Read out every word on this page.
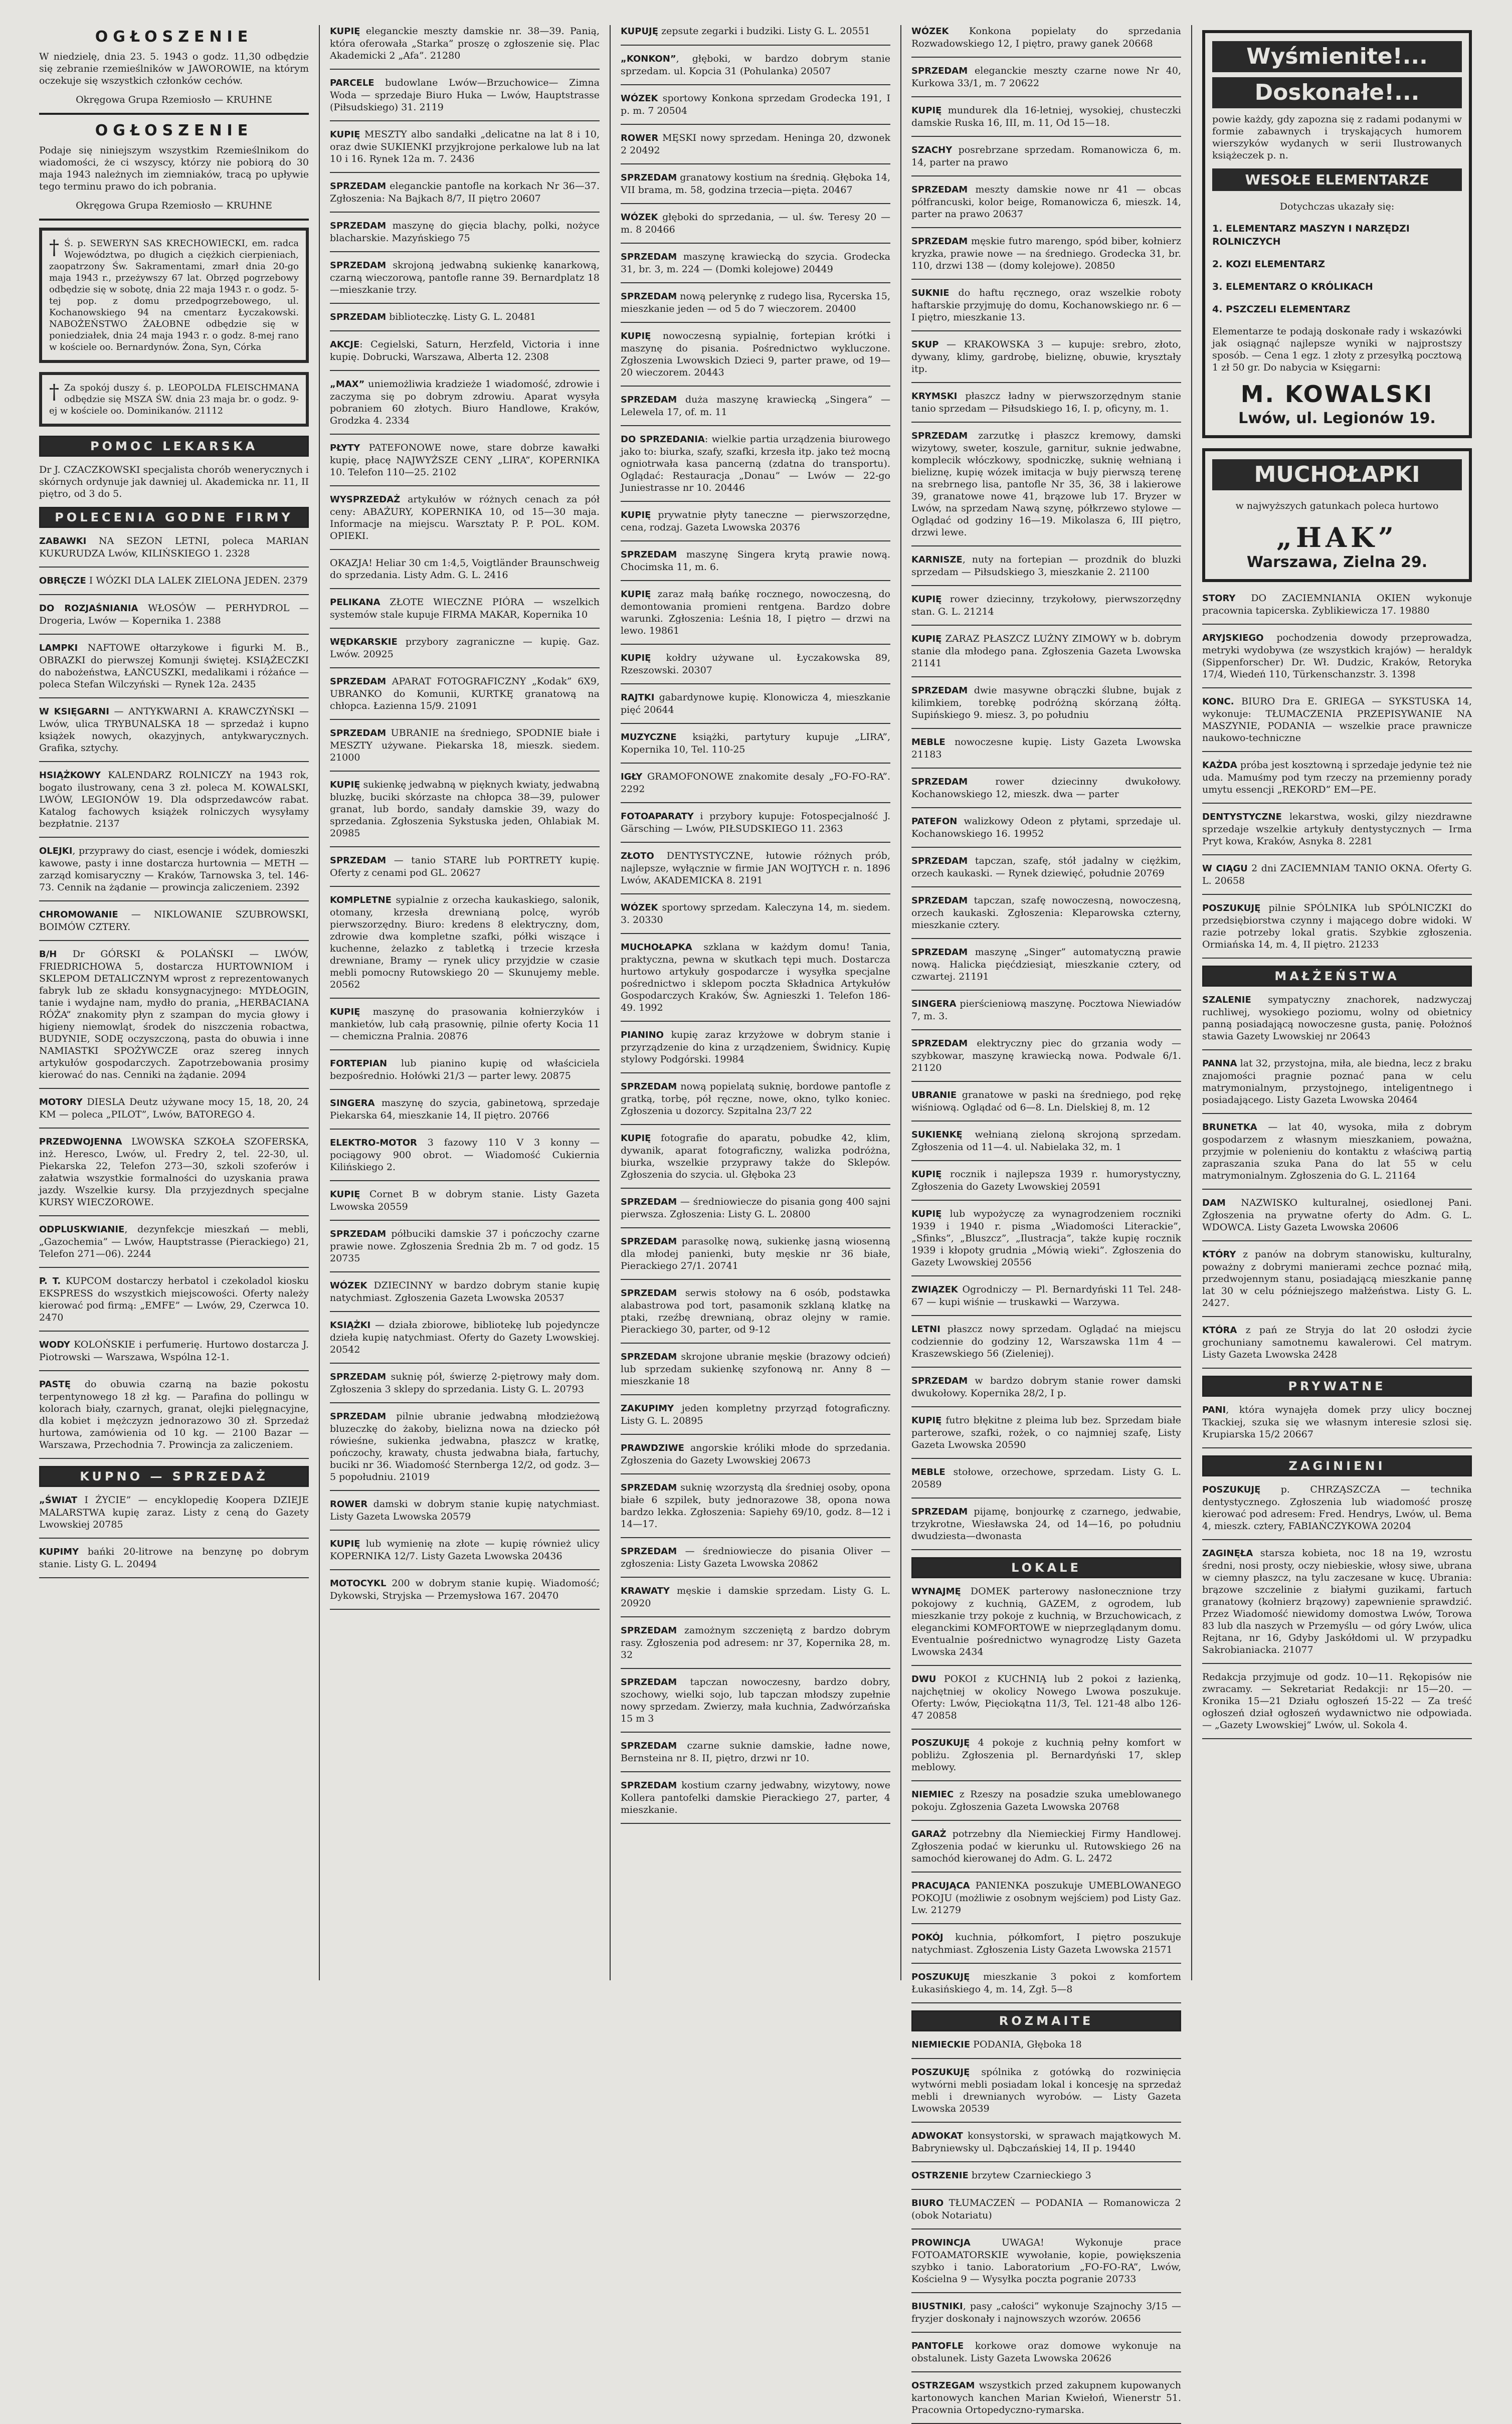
OGŁOSZENIE

W niedzielę, dnia 23. 5. 1943 o godz. 11,30 odbędzie się zebranie rzemieślników w JAWOROWIE, na którym oczekuje się wszystkich członków cechów.

Okręgowa Grupa Rzemiosło — KRUHNE

OGŁOSZENIE

Podaje się niniejszym wszystkim Rzemieślnikom do wiadomości, że ci wszyscy, którzy nie pobiorą do 30 maja 1943 należnych im ziemniaków, tracą po upływie tego terminu prawo do ich pobrania.

Okręgowa Grupa Rzemiosło — KRUHNE

† Ś. p. SEWERYN SAS KRECHOWIECKI, em. radca Województwa, po długich a ciężkich cierpieniach, zaopatrzony Św. Sakramentami, zmarł dnia 20-go maja 1943 r., przeżywszy 67 lat. Obrzęd pogrzebowy odbędzie się w sobotę, dnia 22 maja 1943 r. o godz. 5-tej pop. z domu przedpogrzebowego, ul. Kochanowskiego 94 na cmentarz Łyczakowski. NABOŻEŃSTWO ŻAŁOBNE odbędzie się w poniedziałek, dnia 24 maja 1943 r. o godz. 8-mej rano w kościele oo. Bernardynów. Żona, Syn, Córka
† Za spokój duszy ś. p. LEOPOLDA FLEISCHMANA odbędzie się MSZA ŚW. dnia 23 maja br. o godz. 9-ej w kościele oo. Dominikanów. 21112
POMOC LEKARSKA

Dr J. CZACZKOWSKI specjalista chorób wenerycznych i skórnych ordynuje jak dawniej ul. Akademicka nr. 11, II piętro, od 3 do 5.

POLECENIA GODNE FIRMY

ZABAWKI NA SEZON LETNI, poleca MARIAN KUKURUDZA Lwów, KILIŃSKIEGO 1. 2328

OBRĘCZE I WÓZKI DLA LALEK ZIELONA JEDEN. 2379

DO ROZJAŚNIANIA WŁOSÓW — PERHYDROL — Drogeria, Lwów — Kopernika 1. 2388

LAMPKI NAFTOWE ołtarzykowe i figurki M. B., OBRAZKI do pierwszej Komunji świętej. KSIĄŻECZKI do nabożeństwa, ŁAŃCUSZKI, medalikami i różańce — poleca Stefan Wilczyński — Rynek 12a. 2435

W KSIĘGARNI — ANTYKWARNI A. KRAWCZYŃSKI — Lwów, ulica TRYBUNALSKA 18 — sprzedaż i kupno książek nowych, okazyjnych, antykwarycznych. Grafika, sztychy.

HSIĄŻKOWY KALENDARZ ROLNICZY na 1943 rok, bogato ilustrowany, cena 3 zł. poleca M. KOWALSKI, LWÓW, LEGIONÓW 19. Dla odsprzedawców rabat. Katalog fachowych książek rolniczych wysyłamy bezpłatnie. 2137

OLEJKI, przyprawy do ciast, esencje i wódek, domieszki kawowe, pasty i inne dostarcza hurtownia — METH — zarząd komisaryczny — Kraków, Tarnowska 3, tel. 146-73. Cennik na żądanie — prowincja zaliczeniem. 2392

CHROMOWANIE — NIKLOWANIE SZUBROWSKI, BOIMÓW CZTERY.

B/H Dr GÓRSKI & POLAŃSKI — LWÓW, FRIEDRICHOWA 5, dostarcza HURTOWNIOM i SKLEPOM DETALICZNYM wprost z reprezentowanych fabryk lub ze składu konsygnacyjnego: MYDŁOGIN, tanie i wydajne nam, mydło do prania, „HERBACIANA RÓŻA” znakomity płyn z szampan do mycia głowy i higieny niemowląt, środek do niszczenia robactwa, BUDYNIE, SODĘ oczyszczoną, pasta do obuwia i inne NAMIASTKI SPOŻYWCZE oraz szereg innych artykułów gospodarczych. Zapotrzebowania prosimy kierować do nas. Cenniki na żądanie. 2094

MOTORY DIESLA Deutz używane mocy 15, 18, 20, 24 KM — poleca „PILOT”, Lwów, BATOREGO 4.

PRZEDWOJENNA LWOWSKA SZKOŁA SZOFERSKA, inż. Heresco, Lwów, ul. Fredry 2, tel. 22-30, ul. Piekarska 22, Telefon 273—30, szkoli szoferów i załatwia wszystkie formalności do uzyskania prawa jazdy. Wszelkie kursy. Dla przyjezdnych specjalne KURSY WIECZOROWE.

ODPLUSKWIANIE, dezynfekcje mieszkań — mebli, „Gazochemia” — Lwów, Hauptstrasse (Pierackiego) 21, Telefon 271—06). 2244

P. T. KUPCOM dostarczy herbatol i czekoladol kiosku EKSPRESS do wszystkich miejscowości. Oferty należy kierować pod firmą: „EMFE” — Lwów, 29, Czerwca 10. 2470

WODY KOLOŃSKIE i perfumerię. Hurtowo dostarcza J. Piotrowski — Warszawa, Wspólna 12-1.

PASTĘ do obuwia czarną na bazie pokostu terpentynowego 18 zł kg. — Parafina do pollingu w kolorach biały, czarnych, granat, olejki pielęgnacyjne, dla kobiet i mężczyzn jednorazowo 30 zł. Sprzedaż hurtowa, zamówienia od 10 kg. — 2100 Bazar — Warszawa, Przechodnia 7. Prowincja za zaliczeniem.

KUPNO — SPRZEDAŻ

„ŚWIAT I ŻYCIE” — encyklopedię Koopera DZIEJE MALARSTWA kupię zaraz. Listy z ceną do Gazety Lwowskiej 20785

KUPIMY bańki 20-litrowe na benzynę po dobrym stanie. Listy G. L. 20494

KUPIĘ eleganckie meszty damskie nr. 38—39. Panią, która oferowała „Starka” proszę o zgłoszenie się. Plac Akademicki 2 „Afa”. 21280

PARCELE budowlane Lwów—Brzuchowice— Zimna Woda — sprzedaje Biuro Huka — Lwów, Hauptstrasse (Piłsudskiego) 31. 2119

KUPIĘ MESZTY albo sandałki „delicatne na lat 8 i 10, oraz dwie SUKIENKI przyjkrojone perkalowe lub na lat 10 i 16. Rynek 12a m. 7. 2436

SPRZEDAM eleganckie pantofle na korkach Nr 36—37. Zgłoszenia: Na Bajkach 8/7, II piętro 20607

SPRZEDAM maszynę do gięcia blachy, polki, nożyce blacharskie. Mazyńskiego 75

SPRZEDAM skrojoną jedwabną sukienkę kanarkową, czarną wieczorową, pantofle ranne 39. Bernardplatz 18 —mieszkanie trzy.

SPRZEDAM biblioteczkę. Listy G. L. 20481

AKCJE: Cegielski, Saturn, Herzfeld, Victoria i inne kupię. Dobrucki, Warszawa, Alberta 12. 2308

„MAX” uniemożliwia kradzieże 1 wiadomość, zdrowie i zaczyma się po dobrym zdrowiu. Aparat wysyła pobraniem 60 złotych. Biuro Handlowe, Kraków, Grodzka 4. 2334

PŁYTY PATEFONOWE nowe, stare dobrze kawałki kupię, płacę NAJWYŻSZE CENY „LIRA”, KOPERNIKA 10. Telefon 110—25. 2102

WYSPRZEDAŻ artykułów w różnych cenach za pół ceny: ABAŻURY, KOPERNIKA 10, od 15—30 maja. Informacje na miejscu. Warsztaty P. P. POL. KOM. OPIEKI.

OKAZJA! Heliar 30 cm 1:4,5, Voigtländer Braunschweig do sprzedania. Listy Adm. G. L. 2416

PELIKANA ZŁOTE WIECZNE PIÓRA — wszelkich systemów stale kupuje FIRMA MAKAR, Kopernika 10

WĘDKARSKIE przybory zagraniczne — kupię. Gaz. Lwów. 20925

SPRZEDAM APARAT FOTOGRAFICZNY „Kodak” 6X9, UBRANKO do Komunii, KURTKĘ granatową na chłopca. Łazienna 15/9. 21091

SPRZEDAM UBRANIE na średniego, SPODNIE białe i MESZTY używane. Piekarska 18, mieszk. siedem. 21000

KUPIĘ sukienkę jedwabną w pięknych kwiaty, jedwabną bluzkę, buciki skórzaste na chłopca 38—39, pulower granat, lub bordo, sandały damskie 39, wazy do sprzedania. Zgłoszenia Sykstuska jeden, Ohlabiak M. 20985

SPRZEDAM — tanio STARE lub PORTRETY kupię. Oferty z cenami pod GL. 20627

KOMPLETNE sypialnie z orzecha kaukaskiego, salonik, otomany, krzesła drewnianą polcę, wyrób pierwszorzędny. Biuro: kredens 8 elektryczny, dom, zdrowie dwa kompletne szafki, półki wiszące i kuchenne, żelazko z tabletką i trzecie krzesła drewniane, Bramy — rynek ulicy przyjdzie w czasie mebli pomocny Rutowskiego 20 — Skunujemy meble. 20562

KUPIĘ maszynę do prasowania kołnierzyków i mankietów, lub całą prasownię, pilnie oferty Kocia 11 — chemiczna Pralnia. 20876

FORTEPIAN lub pianino kupię od właściciela bezpośrednio. Hołówki 21/3 — parter lewy. 20875

SINGERA maszynę do szycia, gabinetową, sprzedaje Piekarska 64, mieszkanie 14, II piętro. 20766

ELEKTRO-MOTOR 3 fazowy 110 V 3 konny — pociągowy 900 obrot. — Wiadomość Cukiernia Kilińskiego 2.

KUPIĘ Cornet B w dobrym stanie. Listy Gazeta Lwowska 20559

SPRZEDAM półbuciki damskie 37 i pończochy czarne prawie nowe. Zgłoszenia Średnia 2b m. 7 od godz. 15 20735

WÓZEK DZIECINNY w bardzo dobrym stanie kupię natychmiast. Zgłoszenia Gazeta Lwowska 20537

KSIĄŻKI — działa zbiorowe, bibliotekę lub pojedyncze dzieła kupię natychmiast. Oferty do Gazety Lwowskiej. 20542

SPRZEDAM suknię pół, świerzę 2-piętrowy mały dom. Zgłoszenia 3 sklepy do sprzedania. Listy G. L. 20793

SPRZEDAM pilnie ubranie jedwabną młodzieżową bluzeczkę do żakoby, bielizna nowa na dziecko pół rówieśne, sukienka jedwabna, płaszcz w kratkę, pończochy, krawaty, chusta jedwabna biała, fartuchy, buciki nr 36. Wiadomość Sternberga 12/2, od godz. 3—5 popołudniu. 21019

ROWER damski w dobrym stanie kupię natychmiast. Listy Gazeta Lwowska 20579

KUPIĘ lub wymienię na złote — kupię również ulicy KOPERNIKA 12/7. Listy Gazeta Lwowska 20436

MOTOCYKL 200 w dobrym stanie kupię. Wiadomość; Dykowski, Stryjska — Przemysłowa 167. 20470

KUPUJĘ zepsute zegarki i budziki. Listy G. L. 20551

„KONKON”, głęboki, w bardzo dobrym stanie sprzedam. ul. Kopcia 31 (Pohulanka) 20507

WÓZEK sportowy Konkona sprzedam Grodecka 191, I p. m. 7 20504

ROWER MĘSKI nowy sprzedam. Heninga 20, dzwonek 2 20492

SPRZEDAM granatowy kostium na średnią. Głęboka 14, VII brama, m. 58, godzina trzecia—pięta. 20467

WÓZEK głęboki do sprzedania, — ul. św. Teresy 20 — m. 8 20466

SPRZEDAM maszynę krawiecką do szycia. Grodecka 31, br. 3, m. 224 — (Domki kolejowe) 20449

SPRZEDAM nową pelerynkę z rudego lisa, Rycerska 15, mieszkanie jeden — od 5 do 7 wieczorem. 20400

KUPIĘ nowoczesną sypialnię, fortepian krótki i maszynę do pisania. Pośrednictwo wykluczone. Zgłoszenia Lwowskich Dzieci 9, parter prawe, od 19—20 wieczorem. 20443

SPRZEDAM duża maszynę krawiecką „Singera” — Lelewela 17, of. m. 11

DO SPRZEDANIA: wielkie partia urządzenia biurowego jako to: biurka, szafy, szafki, krzesła itp. jako też mocną ogniotrwała kasa pancerną (zdatna do transportu). Oglądać: Restauracja „Donau” — Lwów — 22-go Juniestrasse nr 10. 20446

KUPIĘ prywatnie płyty taneczne — pierwszorzędne, cena, rodzaj. Gazeta Lwowska 20376

SPRZEDAM maszynę Singera krytą prawie nową. Chocimska 11, m. 6.

KUPIĘ zaraz małą bańkę rocznego, nowoczesną, do demontowania promieni rentgena. Bardzo dobre warunki. Zgłoszenia: Leśnia 18, I piętro — drzwi na lewo. 19861

KUPIĘ kołdry używane ul. Łyczakowska 89, Rzeszowski. 20307

RAJTKI gabardynowe kupię. Klonowicza 4, mieszkanie pięć 20644

MUZYCZNE książki, partytury kupuje „LIRA”, Kopernika 10, Tel. 110-25

IGŁY GRAMOFONOWE znakomite desaly „FO-FO-RA”. 2292

FOTOAPARATY i przybory kupuje: Fotospecjalność J. Gärsching — Lwów, PIŁSUDSKIEGO 11. 2363

ZŁOTO DENTYSTYCZNE, łutowie różnych prób, najlepsze, wyłącznie w firmie JAN WOJTYCH r. n. 1896 Lwów, AKADEMICKA 8. 2191

WÓZEK sportowy sprzedam. Kaleczyna 14, m. siedem. 3. 20330

MUCHOŁAPKA szklana w każdym domu! Tania, praktyczna, pewna w skutkach tępi much. Dostarcza hurtowo artykuły gospodarcze i wysyłka specjalne pośrednictwo i sklepom poczta Składnica Artykułów Gospodarczych Kraków, Św. Agnieszki 1. Telefon 186-49. 1992

PIANINO kupię zaraz krzyżowe w dobrym stanie i przyrządzenie do kina z urządzeniem, Świdnicy. Kupię stylowy Podgórski. 19984

SPRZEDAM nową popielatą suknię, bordowe pantofle z gratką, torbę, pół ręczne, nowe, okno, tylko koniec. Zgłoszenia u dozorcy. Szpitalna 23/7 22

KUPIĘ fotografie do aparatu, pobudke 42, klim, dywanik, aparat fotograficzny, walizka podróżna, biurka, wszelkie przyprawy także do Sklepów. Zgłoszenia do szycia. ul. Głęboka 23

SPRZEDAM — średniowiecze do pisania gong 400 sajni pierwsza. Zgłoszenia: Listy G. L. 20800

SPRZEDAM parasolkę nową, sukienkę jasną wiosenną dla młodej panienki, buty męskie nr 36 białe, Pierackiego 27/1. 20741

SPRZEDAM serwis stołowy na 6 osób, podstawka alabastrowa pod tort, pasamonik szklaną klatkę na ptaki, rzeźbę drewnianą, obraz olejny w ramie. Pierackiego 30, parter, od 9-12

SPRZEDAM skrojone ubranie męskie (brazowy odcień) lub sprzedam sukienkę szyfonową nr. Anny 8 — mieszkanie 18

ZAKUPIMY jeden kompletny przyrząd fotograficzny. Listy G. L. 20895

PRAWDZIWE angorskie króliki młode do sprzedania. Zgłoszenia do Gazety Lwowskiej 20673

SPRZEDAM suknię wzorzystą dla średniej osoby, opona białe 6 szpilek, buty jednorazowe 38, opona nowa bardzo lekka. Zgłoszenia: Sapiehy 69/10, godz. 8—12 i 14—17.

SPRZEDAM — średniowiecze do pisania Oliver — zgłoszenia: Listy Gazeta Lwowska 20862

KRAWATY męskie i damskie sprzedam. Listy G. L. 20920

SPRZEDAM zamożnym szczeniętą z bardzo dobrym rasy. Zgłoszenia pod adresem: nr 37, Kopernika 28, m. 32

SPRZEDAM tapczan nowoczesny, bardzo dobry, szochowy, wielki sojo, lub tapczan młodszy zupełnie nowy sprzedam. Zwierzy, mała kuchnia, Zadwórzańska 15 m 3

SPRZEDAM czarne suknie damskie, ładne nowe, Bernsteina nr 8. II, piętro, drzwi nr 10.

SPRZEDAM kostium czarny jedwabny, wizytowy, nowe Kollera pantofelki damskie Pierackiego 27, parter, 4 mieszkanie.

WÓZEK Konkona popielaty do sprzedania Rozwadowskiego 12, I piętro, prawy ganek 20668

SPRZEDAM eleganckie meszty czarne nowe Nr 40, Kurkowa 33/1, m. 7 20622

KUPIĘ mundurek dla 16-letniej, wysokiej, chusteczki damskie Ruska 16, III, m. 11, Od 15—18.

SZACHY posrebrzane sprzedam. Romanowicza 6, m. 14, parter na prawo

SPRZEDAM meszty damskie nowe nr 41 — obcas półfrancuski, kolor beige, Romanowicza 6, mieszk. 14, parter na prawo 20637

SPRZEDAM męskie futro marengo, spód biber, kołnierz kryzka, prawie nowe — na średniego. Grodecka 31, br. 110, drzwi 138 — (domy kolejowe). 20850

SUKNIE do haftu ręcznego, oraz wszelkie roboty haftarskie przyjmuję do domu, Kochanowskiego nr. 6 — I piętro, mieszkanie 13.

SKUP — KRAKOWSKA 3 — kupuje: srebro, złoto, dywany, klimy, gardrobę, bieliznę, obuwie, kryształy itp.

KRYMSKI płaszcz ładny w pierwszorzędnym stanie tanio sprzedam — Piłsudskiego 16, I. p, oficyny, m. 1.

SPRZEDAM zarzutkę i płaszcz kremowy, damski wizytowy, sweter, koszule, garnitur, suknie jedwabne, komplecik włóczkowy, spodniczkę, suknię wełnianą i bieliznę, kupię wózek imitacja w bujy pierwszą terenę na srebrnego lisa, pantofle Nr 35, 36, 38 i lakierowe 39, granatowe nowe 41, brązowe lub 17. Bryzer w Lwów, na sprzedam Nawą szynę, półkrzewo stylowe — Oglądać od godziny 16—19. Mikolasza 6, III piętro, drzwi lewe.

KARNISZE, nuty na fortepian — prozdnik do bluzki sprzedam — Piłsudskiego 3, mieszkanie 2. 21100

KUPIĘ rower dziecinny, trzykołowy, pierwszorzędny stan. G. L. 21214

KUPIĘ ZARAZ PŁASZCZ LUŻNY ZIMOWY w b. dobrym stanie dla młodego pana. Zgłoszenia Gazeta Lwowska 21141

SPRZEDAM dwie masywne obrączki ślubne, bujak z kilimkiem, torebkę podróżną skórzaną żółtą. Supińskiego 9. miesz. 3, po południu

MEBLE nowoczesne kupię. Listy Gazeta Lwowska 21183

SPRZEDAM rower dziecinny dwukołowy. Kochanowskiego 12, mieszk. dwa — parter

PATEFON walizkowy Odeon z płytami, sprzedaje ul. Kochanowskiego 16. 19952

SPRZEDAM tapczan, szafę, stół jadalny w ciężkim, orzech kaukaski. — Rynek dziewięć, południe 20769

SPRZEDAM tapczan, szafę nowoczesną, nowoczesną, orzech kaukaski. Zgłoszenia: Kleparowska czterny, mieszkanie cztery.

SPRZEDAM maszynę „Singer” automatyczną prawie nową. Halicka pięćdziesiąt, mieszkanie cztery, od czwartej. 21191

SINGERA pierścieniową maszynę. Pocztowa Niewiadów 7, m. 3.

SPRZEDAM elektryczny piec do grzania wody — szybkowar, maszynę krawiecką nowa. Podwale 6/1. 21120

UBRANIE granatowe w paski na średniego, pod rękę wiśniową. Oglądać od 6—8. Ln. Dielskiej 8, m. 12

SUKIENKĘ wełnianą zieloną skrojoną sprzedam. Zgłoszenia od 11—4. ul. Nabielaka 32, m. 1

KUPIĘ rocznik i najlepsza 1939 r. humorystyczny, Zgłoszenia do Gazety Lwowskiej 20591

KUPIĘ lub wypożyczę za wynagrodzeniem roczniki 1939 i 1940 r. pisma „Wiadomości Literackie”, „Sfinks”, „Bluszcz”, „Ilustracja”, także kupię rocznik 1939 i kłopoty grudnia „Mówią wieki”. Zgłoszenia do Gazety Lwowskiej 20556

ZWIĄZEK Ogrodniczy — Pl. Bernardyński 11 Tel. 248-67 — kupi wiśnie — truskawki — Warzywa.

LETNI płaszcz nowy sprzedam. Oglądać na miejscu codziennie do godziny 12, Warszawska 11m 4 — Kraszewskiego 56 (Zieleniej).

SPRZEDAM w bardzo dobrym stanie rower damski dwukołowy. Kopernika 28/2, I p.

KUPIĘ futro błękitne z pleima lub bez. Sprzedam białe parterowe, szafki, rożek, o co najmniej szafę, Listy Gazeta Lwowska 20590

MEBLE stołowe, orzechowe, sprzedam. Listy G. L. 20589

SPRZEDAM pijamę, bonjourkę z czarnego, jedwabie, trzykrotne, Wiesławska 24, od 14—16, po południu dwudziesta—dwonasta

LOKALE

WYNAJMĘ DOMEK parterowy nasłonecznione trzy pokojowy z kuchnią, GAZEM, z ogrodem, lub mieszkanie trzy pokoje z kuchnią, w Brzuchowicach, z eleganckimi KOMFORTOWE w nieprzeglądanym domu. Eventualnie pośrednictwo wynagrodzę Listy Gazeta Lwowska 2434

DWU POKOI z KUCHNIĄ lub 2 pokoi z łazienką, najchętniej w okolicy Nowego Lwowa poszukuje. Oferty: Lwów, Pięciokątna 11/3, Tel. 121-48 albo 126-47 20858

POSZUKUJĘ 4 pokoje z kuchnią pełny komfort w pobliżu. Zgłoszenia pl. Bernardyński 17, sklep meblowy.

NIEMIEC z Rzeszy na posadzie szuka umeblowanego pokoju. Zgłoszenia Gazeta Lwowska 20768

GARAŻ potrzebny dla Niemieckiej Firmy Handlowej. Zgłoszenia podać w kierunku ul. Rutowskiego 26 na samochód kierowanej do Adm. G. L. 2472

PRACUJĄCA PANIENKA poszukuje UMEBLOWANEGO POKOJU (możliwie z osobnym wejściem) pod Listy Gaz. Lw. 21279

POKÓJ kuchnia, półkomfort, I piętro poszukuje natychmiast. Zgłoszenia Listy Gazeta Lwowska 21571

POSZUKUJĘ mieszkanie 3 pokoi z komfortem Łukasińskiego 4, m. 14, Zgł. 5—8

ROZMAITE

NIEMIECKIE PODANIA, Głęboka 18

POSZUKUJĘ spólnika z gotówką do rozwinięcia wytwórni mebli posiadam lokal i koncesję na sprzedaż mebli i drewnianych wyrobów. — Listy Gazeta Lwowska 20539

ADWOKAT konsystorski, w sprawach majątkowych M. Babryniewsky ul. Dąbczańskiej 14, II p. 19440

OSTRZENIE brzytew Czarnieckiego 3

BIURO TŁUMACZEŃ — PODANIA — Romanowicza 2 (obok Notariatu)

PROWINCJA UWAGA! Wykonuje prace FOTOAMATORSKIE wywołanie, kopie, powiększenia szybko i tanio. Laboratorium „FO-FO-RA”, Lwów, Kościelna 9 — Wysyłka poczta pogranie 20733

BIUSTNIKI, pasy „całości” wykonuje Szajnochy 3/15 — fryzjer doskonały i najnowszych wzorów. 20656

PANTOFLE korkowe oraz domowe wykonuje na obstalunek. Listy Gazeta Lwowska 20626

OSTRZEGAM wszystkich przed zakupnem kupowanych kartonowych kanchen Marian Kwiełoń, Wienerstr 51. Pracownia Ortopedyczno-rymarska.

Wyśmienite!...
Doskonałe!...

powie każdy, gdy zapozna się z radami podanymi w formie zabawnych i tryskających humorem wierszyków wydanych w serii Ilustrowanych książeczek p. n.

WESOŁE ELEMENTARZE

Dotychczas ukazały się:

1. ELEMENTARZ MASZYN I NARZĘDZI ROLNICZYCH

2. KOZI ELEMENTARZ

3. ELEMENTARZ O KRÓLIKACH

4. PSZCZELI ELEMENTARZ

Elementarze te podają doskonałe rady i wskazówki jak osiągnąć najlepsze wyniki w najprostszy sposób. — Cena 1 egz. 1 złoty z przesyłką pocztową 1 zł 50 gr. Do nabycia w Księgarni:

M. KOWALSKI
Lwów, ul. Legionów 19.
MUCHOŁAPKI

w najwyższych gatunkach poleca hurtowo

„HAK”
Warszawa, Zielna 29.

STORY DO ZACIEMNIANIA OKIEN wykonuje pracownia tapicerska. Zyblikiewicza 17. 19880

ARYJSKIEGO pochodzenia dowody przeprowadza, metryki wydobywa (ze wszystkich krajów) — heraldyk (Sippenforscher) Dr. Wł. Dudzic, Kraków, Retoryka 17/4, Wiedeń 110, Türkenschanzstr. 3. 1398

KONC. BIURO Dra E. GRIEGA — SYKSTUSKA 14, wykonuje: TŁUMACZENIA PRZEPISYWANIE NA MASZYNIE, PODANIA — wszelkie prace prawnicze naukowo-techniczne

KAŻDA próba jest kosztowną i sprzedaje jedynie też nie uda. Mamuśmy pod tym rzeczy na przemienny porady umytu essencji „REKORD” EM—PE.

DENTYSTYCZNE lekarstwa, woski, gilzy niezdrawne sprzedaje wszelkie artykuły dentystycznych — Irma Pryt kowa, Kraków, Asnyka 8. 2281

W CIĄGU 2 dni ZACIEMNIAM TANIO OKNA. Oferty G. L. 20658

POSZUKUJĘ pilnie SPÓLNIKA lub SPÓLNICZKI do przedsiębiorstwa czynny i mającego dobre widoki. W razie potrzeby lokal gratis. Szybkie zgłoszenia. Ormiańska 14, m. 4, II piętro. 21233

MAŁŻEŃSTWA

SZALENIE sympatyczny znachorek, nadzwyczaj ruchliwej, wysokiego poziomu, wolny od obietnicy panną posiadającą nowoczesne gusta, panię. Położnoś stawia Gazety Lwowskiej nr 20643

PANNA lat 32, przystojna, miła, ale biedna, lecz z braku znajomości pragnie poznać pana w celu matrymonialnym, przystojnego, inteligentnego i posiadającego. Listy Gazeta Lwowska 20464

BRUNETKA — lat 40, wysoka, miła z dobrym gospodarzem z własnym mieszkaniem, poważna, przyjmie w polenieniu do kontaktu z właściwą partią zapraszania szuka Pana do lat 55 w celu matrymonialnym. Zgłoszenia do G. L. 21164

DAM NAZWISKO kulturalnej, osiedlonej Pani. Zgłoszenia na prywatne oferty do Adm. G. L. WDOWCA. Listy Gazeta Lwowska 20606

KTÓRY z panów na dobrym stanowisku, kulturalny, poważny z dobrymi manierami zechce poznać miłą, przedwojennym stanu, posiadającą mieszkanie pannę lat 30 w celu późniejszego małżeństwa. Listy G. L. 2427.

KTÓRA z pań ze Stryja do lat 20 osłodzi życie grochuniany samotnemu kawalerowi. Cel matrym. Listy Gazeta Lwowska 2428

PRYWATNE

PANI, która wynajęła domek przy ulicy bocznej Tkackiej, szuka się we własnym interesie szlosi się. Krupiarska 15/2 20667

ZAGINIENI

POSZUKUJĘ p. CHRZĄSZCZA — technika dentystycznego. Zgłoszenia lub wiadomość proszę kierować pod adresem: Fred. Hendrys, Lwów, ul. Bema 4, mieszk. cztery, FABIAŃCZYKOWA 20204

ZAGINĘŁA starsza kobieta, noc 18 na 19, wzrostu średni, nosi prosty, oczy niebieskie, włosy siwe, ubrana w ciemny płaszcz, na tylu zaczesane w kucę. Ubrania: brązowe szczelinie z białymi guzikami, fartuch granatowy (kołnierz brązowy) zapewnienie sprawdzić. Przez Wiadomość niewidomy domostwa Lwów, Torowa 83 lub dla naszych w Przemyślu — od góry Lwów, ulica Rejtana, nr 16, Gdyby Jaskółdomi ul. W przypadku Sakrobianiacka. 21077

Redakcja przyjmuje od godz. 10—11. Rękopisów nie zwracamy. — Sekretariat Redakcji: nr 15—20. — Kronika 15—21 Działu ogłoszeń 15-22 — Za treść ogłoszeń dział ogłoszeń wydawnictwo nie odpowiada. — „Gazety Lwowskiej” Lwów, ul. Sokola 4.
